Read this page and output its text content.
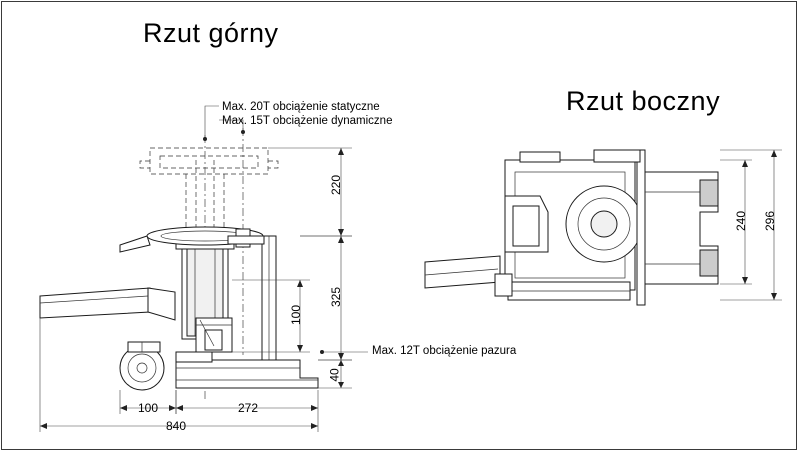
Rzut górny
Rzut boczny
Max. 20T obciążenie statyczne
Max. 15T obciążenie dynamiczne
Max. 12T obciążenie pazura
220
325
100
40
100	272
840
240 296
